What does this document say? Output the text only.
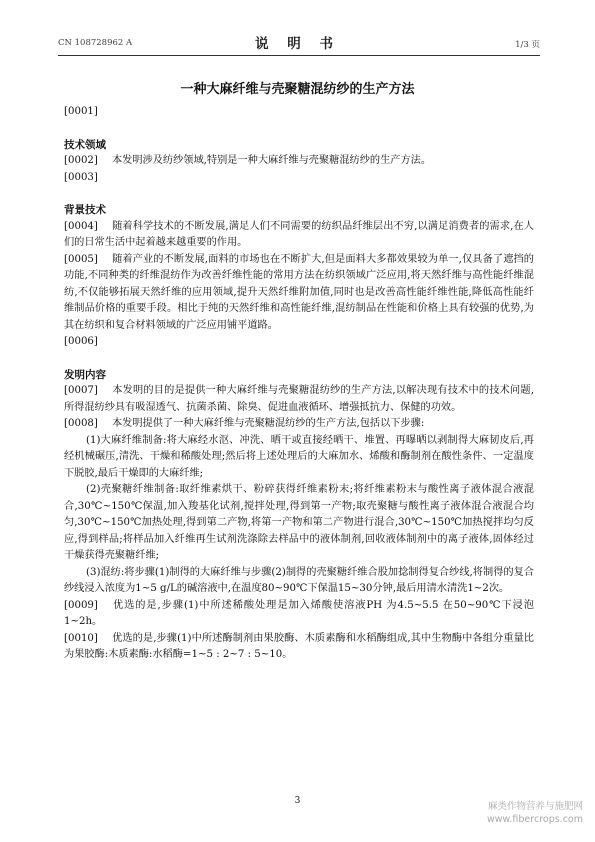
CN 108728962 A	说 明 书	1/3 页
一种大麻纤维与壳聚糖混纺纱的生产方法
[0001]
技术领域
[0002] 本发明涉及纺纱领域,特别是一种大麻纤维与壳聚糖混纺纱的生产方法。
[0003]
背景技术
[0004] 随着科学技术的不断发展,满足人们不同需要的纺织品纤维层出不穷,以满足消费者的需求,在人们的日常生活中起着越来越重要的作用。
[0005] 随着产业的不断发展,面料的市场也在不断扩大,但是面料大多都效果较为单一,仅具备了遮挡的功能,不同种类的纤维混纺作为改善纤维性能的常用方法在纺织领域广泛应用,将天然纤维与高性能纤维混纺,不仅能够拓展天然纤维的应用领域,提升天然纤维附加值,同时也是改善高性能纤维性能,降低高性能纤维制品价格的重要手段。相比于纯的天然纤维和高性能纤维,混纺制品在性能和价格上具有较强的优势,为其在纺织和复合材料领域的广泛应用铺平道路。
[0006]
发明内容
[0007] 本发明的目的是提供一种大麻纤维与壳聚糖混纺纱的生产方法,以解决现有技术中的技术问题,所得混纺纱具有吸湿透气、抗菌杀菌、除臭、促进血液循环、增强抵抗力、保健的功效。
[0008] 本发明提供了一种大麻纤维与壳聚糖混纺纱的生产方法,包括以下步骤:
(1)大麻纤维制备:将大麻经水沤、冲洗、晒干或直接经晒干、堆置、再曝晒以剥制得大麻韧皮后,再经机械碾压,清洗、干燥和稀酸处理;然后将上述处理后的大麻加水、烯酸和酶制剂在酸性条件、一定温度下脱胶,最后干燥即的大麻纤维;
(2)壳聚糖纤维制备:取纤维素烘干、粉碎获得纤维素粉末;将纤维素粉末与酸性离子液体混合液混合,30℃~150℃保温,加入羧基化试剂,搅拌处理,得到第一产物;取壳聚糖与酸性离子液体混合液混合均匀,30℃~150℃加热处理,得到第二产物,将第一产物和第二产物进行混合,30℃~150℃加热搅拌均匀反应,得到样品;将样品加入纤维再生试剂洗涤除去样品中的液体制剂,回收液体制剂中的离子液体,固体经过干燥获得壳聚糖纤维;
(3)混纺:将步骤(1)制得的大麻纤维与步骤(2)制得的壳聚糖纤维合股加捻制得复合纱线,将制得的复合纱线浸入浓度为1~5 g/L的碱溶液中,在温度80~90℃下保温15~30分钟,最后用清水清洗1~2次。
[0009] 优选的是,步骤(1)中所述稀酸处理是加入烯酸使溶液PH 为4.5~5.5 在50~90℃下浸泡1~2h。
[0010] 优选的是,步骤(1)中所述酶制剂由果胶酶、木质素酶和水稻酶组成,其中生物酶中各组分重量比为果胶酶:木质素酶:水稻酶=1~5 : 2~7 : 5~10。
3	麻类作物营养与施肥网
www.fibercrops.com
